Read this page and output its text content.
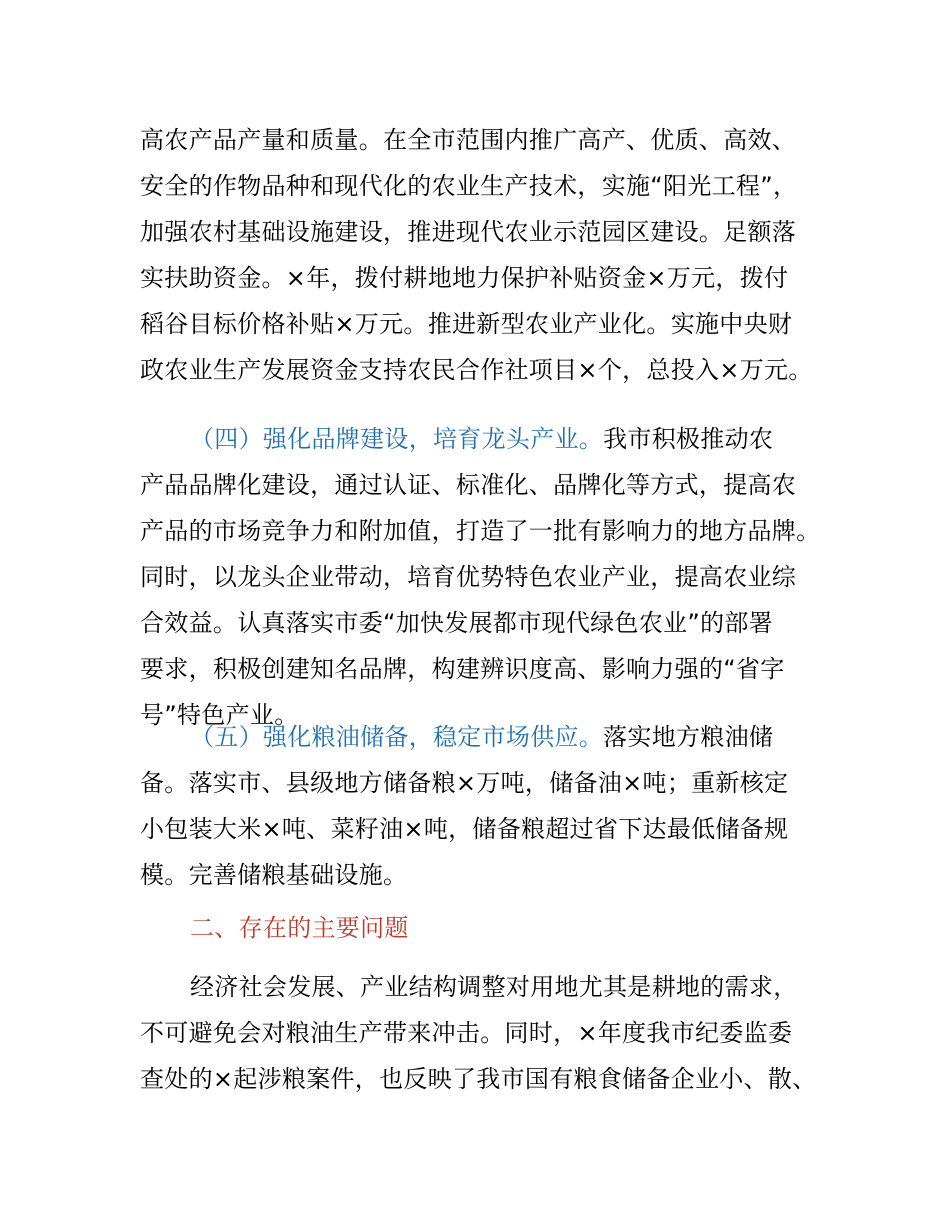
高农产品产量和质量。在全市范围内推广高产、优质、高效、
安全的作物品种和现代化的农业生产技术，实施“阳光工程”，
加强农村基础设施建设，推进现代农业示范园区建设。足额落
实扶助资金。×年，拨付耕地地力保护补贴资金×万元，拨付
稻谷目标价格补贴×万元。推进新型农业产业化。实施中央财
政农业生产发展资金支持农民合作社项目×个，总投入×万元。
（四）强化品牌建设，培育龙头产业。我市积极推动农
产品品牌化建设，通过认证、标准化、品牌化等方式，提高农
产品的市场竞争力和附加值，打造了一批有影响力的地方品牌。
同时，以龙头企业带动，培育优势特色农业产业，提高农业综
合效益。认真落实市委“加快发展都市现代绿色农业”的部署
要求，积极创建知名品牌，构建辨识度高、影响力强的“省字
号”特色产业。
（五）强化粮油储备，稳定市场供应。落实地方粮油储
备。落实市、县级地方储备粮×万吨，储备油×吨；重新核定
小包装大米×吨、菜籽油×吨，储备粮超过省下达最低储备规
模。完善储粮基础设施。
二、存在的主要问题
经济社会发展、产业结构调整对用地尤其是耕地的需求，
不可避免会对粮油生产带来冲击。同时，×年度我市纪委监委
查处的×起涉粮案件，也反映了我市国有粮食储备企业小、散、
